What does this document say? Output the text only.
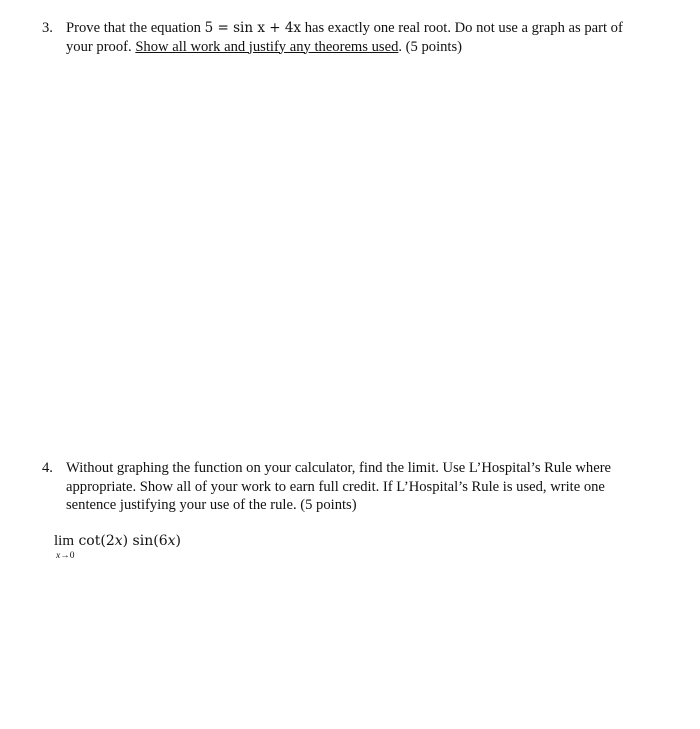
3. Prove that the equation 5 = sin x + 4x has exactly one real root. Do not use a graph as part of your proof. Show all work and justify any theorems used. (5 points)
4. Without graphing the function on your calculator, find the limit. Use L’Hospital’s Rule where appropriate. Show all of your work to earn full credit. If L’Hospital’s Rule is used, write one sentence justifying your use of the rule. (5 points)
lim cot(2x) sin(6x)
x→0
